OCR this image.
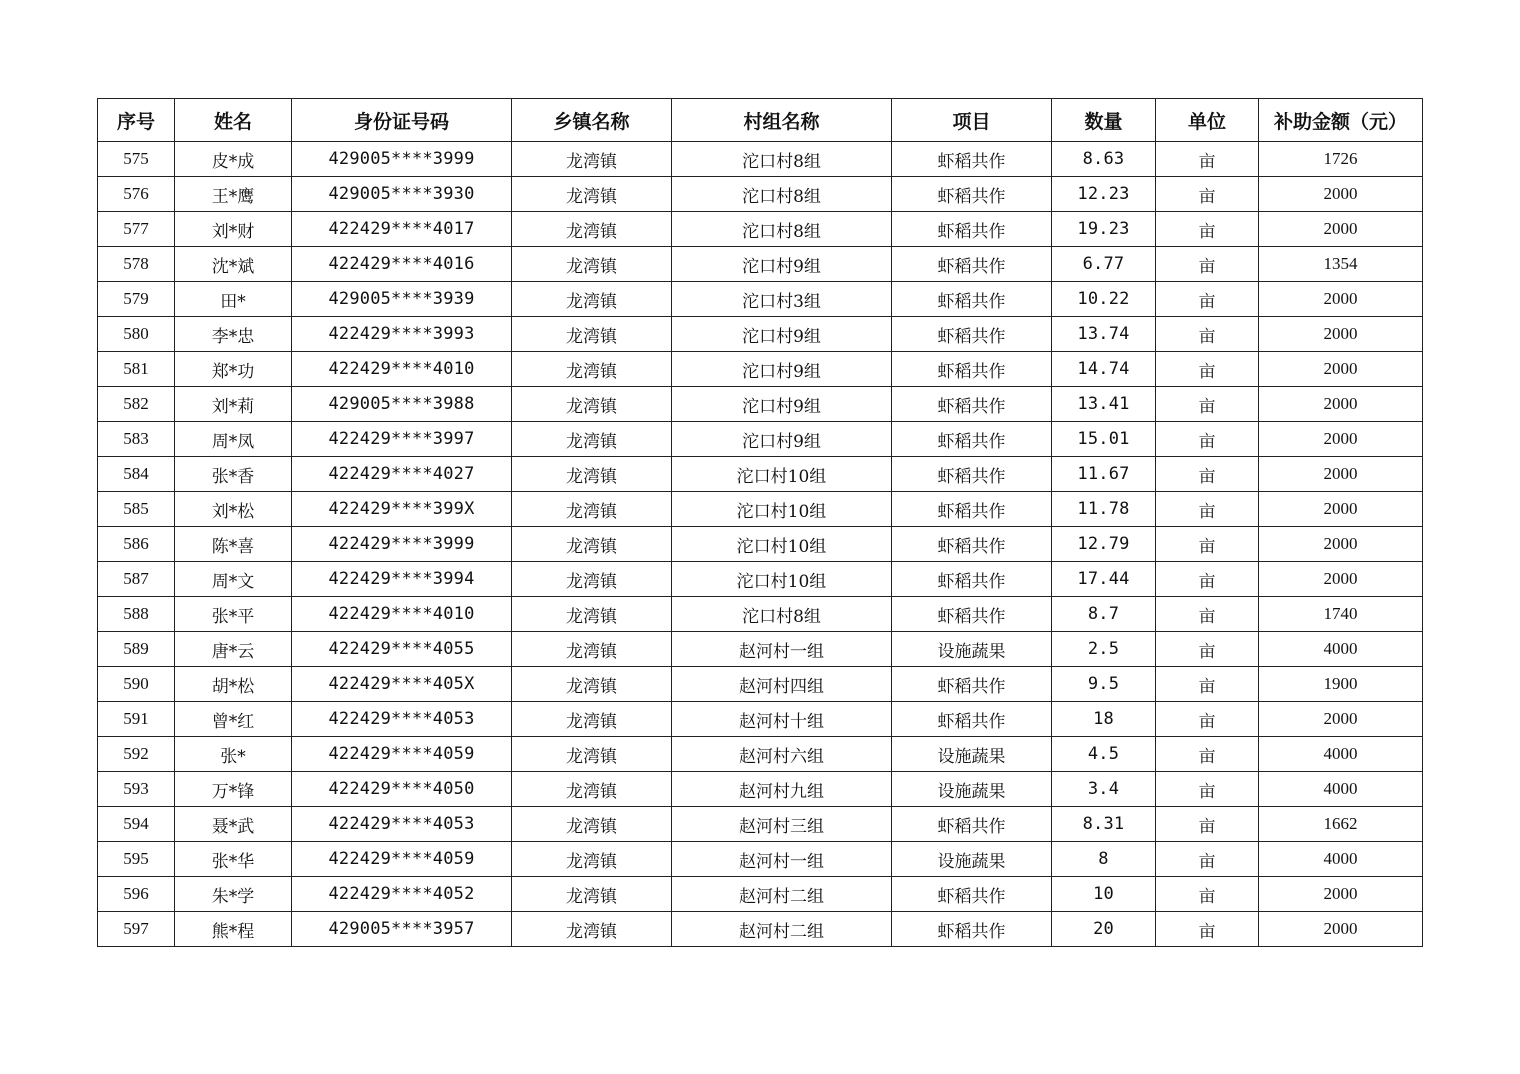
序号	姓名	身份证号码	乡镇名称	村组名称	项目	数量	单位	补助金额（元）
575	皮*成	429005****3999	龙湾镇	沱口村8组	虾稻共作	8.63	亩	1726
576	王*鹰	429005****3930	龙湾镇	沱口村8组	虾稻共作	12.23	亩	2000
577	刘*财	422429****4017	龙湾镇	沱口村8组	虾稻共作	19.23	亩	2000
578	沈*斌	422429****4016	龙湾镇	沱口村9组	虾稻共作	6.77	亩	1354
579	田*	429005****3939	龙湾镇	沱口村3组	虾稻共作	10.22	亩	2000
580	李*忠	422429****3993	龙湾镇	沱口村9组	虾稻共作	13.74	亩	2000
581	郑*功	422429****4010	龙湾镇	沱口村9组	虾稻共作	14.74	亩	2000
582	刘*莉	429005****3988	龙湾镇	沱口村9组	虾稻共作	13.41	亩	2000
583	周*凤	422429****3997	龙湾镇	沱口村9组	虾稻共作	15.01	亩	2000
584	张*香	422429****4027	龙湾镇	沱口村10组	虾稻共作	11.67	亩	2000
585	刘*松	422429****399X	龙湾镇	沱口村10组	虾稻共作	11.78	亩	2000
586	陈*喜	422429****3999	龙湾镇	沱口村10组	虾稻共作	12.79	亩	2000
587	周*文	422429****3994	龙湾镇	沱口村10组	虾稻共作	17.44	亩	2000
588	张*平	422429****4010	龙湾镇	沱口村8组	虾稻共作	8.7	亩	1740
589	唐*云	422429****4055	龙湾镇	赵河村一组	设施蔬果	2.5	亩	4000
590	胡*松	422429****405X	龙湾镇	赵河村四组	虾稻共作	9.5	亩	1900
591	曾*红	422429****4053	龙湾镇	赵河村十组	虾稻共作	18	亩	2000
592	张*	422429****4059	龙湾镇	赵河村六组	设施蔬果	4.5	亩	4000
593	万*锋	422429****4050	龙湾镇	赵河村九组	设施蔬果	3.4	亩	4000
594	聂*武	422429****4053	龙湾镇	赵河村三组	虾稻共作	8.31	亩	1662
595	张*华	422429****4059	龙湾镇	赵河村一组	设施蔬果	8	亩	4000
596	朱*学	422429****4052	龙湾镇	赵河村二组	虾稻共作	10	亩	2000
597	熊*程	429005****3957	龙湾镇	赵河村二组	虾稻共作	20	亩	2000
